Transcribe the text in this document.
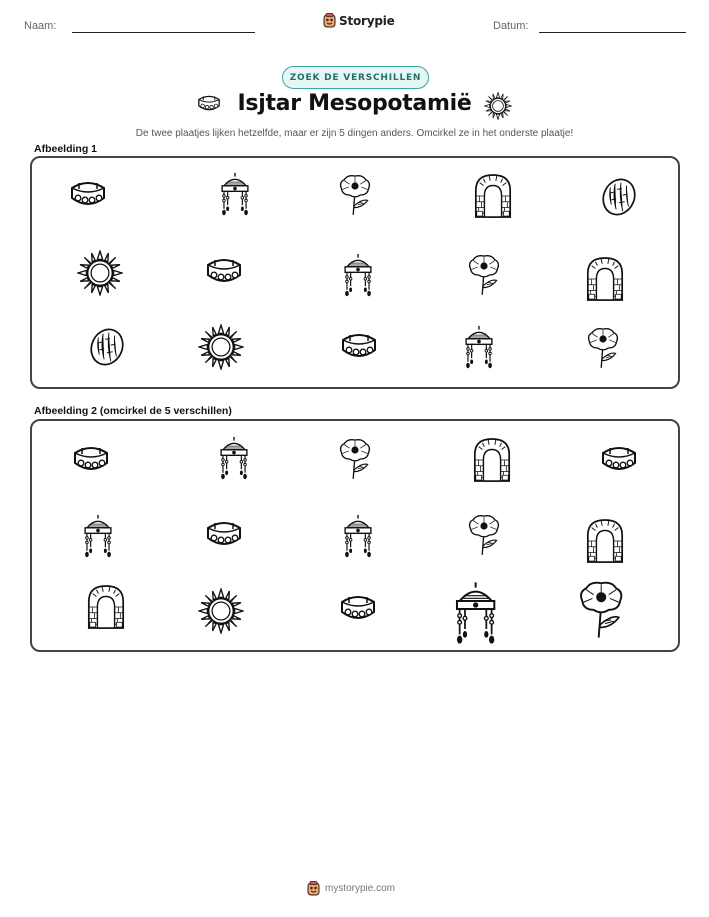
Naam:	Storypie	Datum:
ZOEK DE VERSCHILLEN
Isjtar Mesopotamië
De twee plaatjes lijken hetzelfde, maar er zijn 5 dingen anders. Omcirkel ze in het onderste plaatje!
Afbeelding 1
Afbeelding 2 (omcirkel de 5 verschillen)
mystorypie.com
